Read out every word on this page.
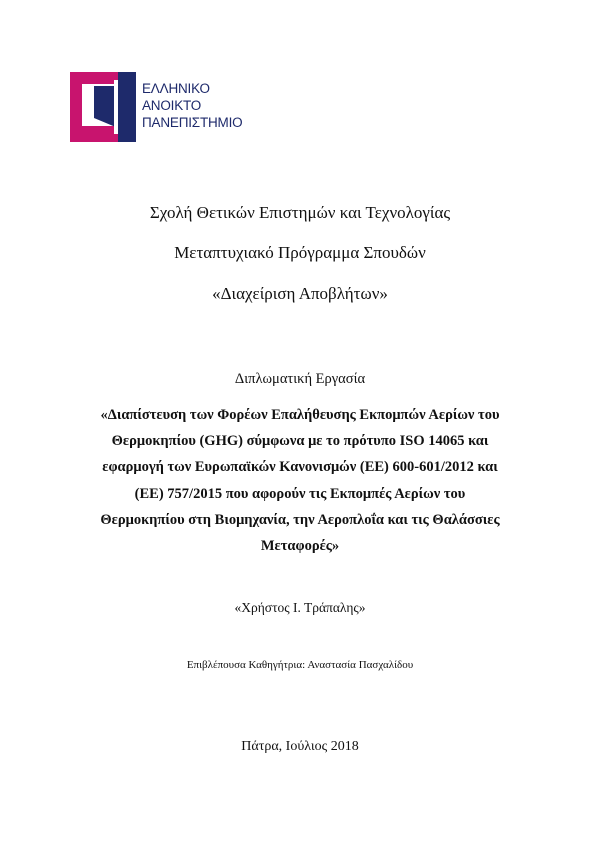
ΕΛΛΗΝΙΚΟ
ΑΝΟΙΚΤΟ
ΠΑΝΕΠΙΣΤΗΜΙΟ
Σχολή Θετικών Επιστημών και Τεχνολογίας
Μεταπτυχιακό Πρόγραμμα Σπουδών
«Διαχείριση Αποβλήτων»
Διπλωματική Εργασία
«Διαπίστευση των Φορέων Επαλήθευσης Εκπομπών Αερίων του
Θερμοκηπίου (GHG) σύμφωνα με το πρότυπο ISO 14065 και
εφαρμογή των Ευρωπαϊκών Κανονισμών (ΕΕ) 600-601/2012 και
(ΕΕ) 757/2015 που αφορούν τις Εκπομπές Αερίων του
Θερμοκηπίου στη Βιομηχανία, την Αεροπλοΐα και τις Θαλάσσιες
Μεταφορές»
«Χρήστος Ι. Τράπαλης»
Επιβλέπουσα Καθηγήτρια: Αναστασία Πασχαλίδου
Πάτρα, Ιούλιος 2018
